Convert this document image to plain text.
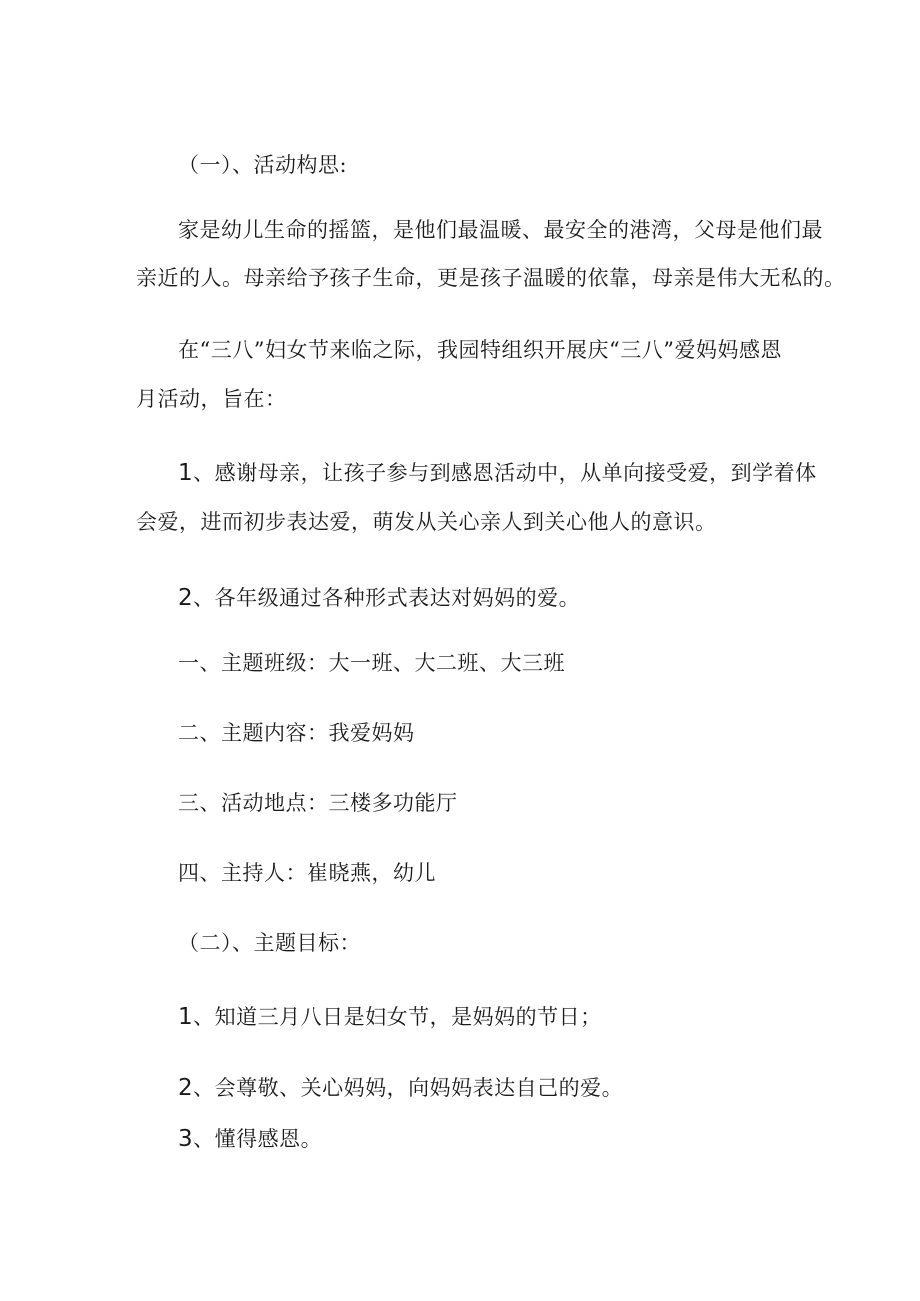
（一）、活动构思:
家是幼儿生命的摇篮，是他们最温暖、最安全的港湾，父母是他们最
亲近的人。母亲给予孩子生命，更是孩子温暖的依靠，母亲是伟大无私的。
在“三八”妇女节来临之际，我园特组织开展庆“三八”爱妈妈感恩
月活动，旨在：
1、感谢母亲，让孩子参与到感恩活动中，从单向接受爱，到学着体
会爱，进而初步表达爱，萌发从关心亲人到关心他人的意识。
2、各年级通过各种形式表达对妈妈的爱。
一、主题班级：大一班、大二班、大三班
二、主题内容：我爱妈妈
三、活动地点：三楼多功能厅
四、主持人：崔晓燕，幼儿
（二）、主题目标：
1、知道三月八日是妇女节，是妈妈的节日；
2、会尊敬、关心妈妈，向妈妈表达自己的爱。
3、懂得感恩。
